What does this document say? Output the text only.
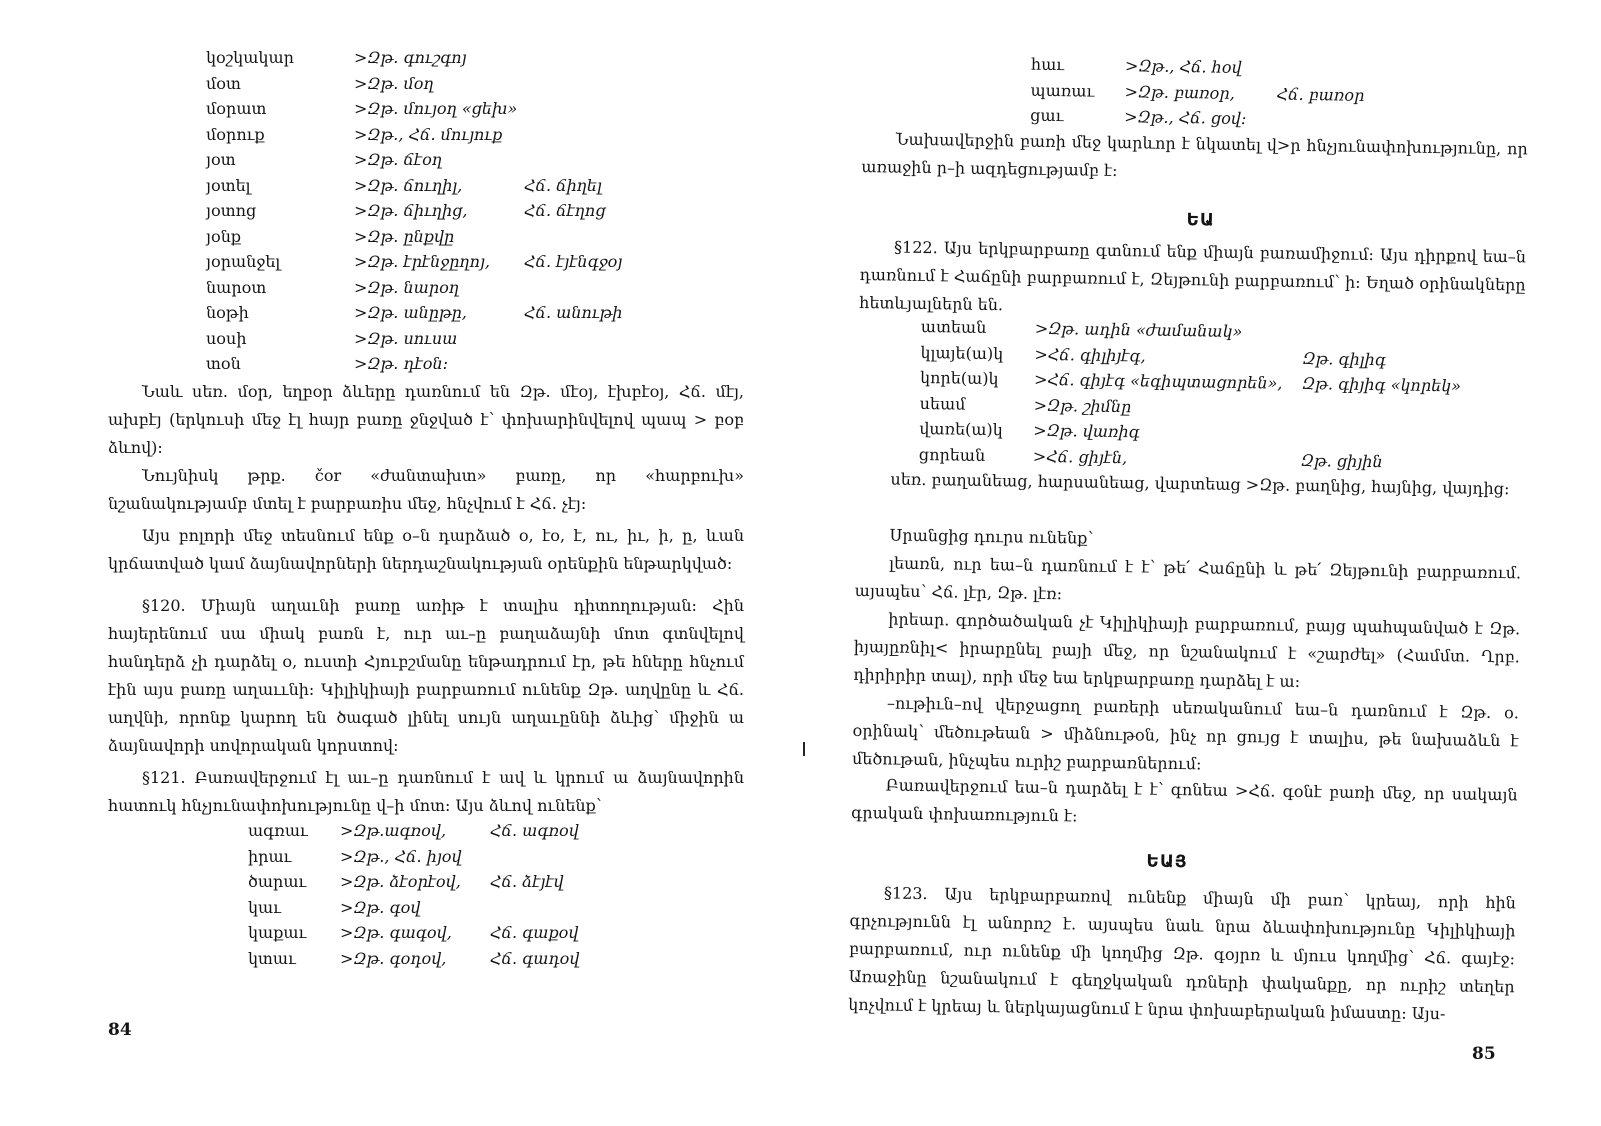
կօշկակար	>Զթ. գուշգոյ
մօտ	>Զթ. մօղ
մօրատ	>Զթ. մույօղ «ցեխ»
մօրուք	>Զթ., Հճ. մույուք
յօտ	>Զթ. ճէօղ
յօտել	>Զթ. ճուղիլ,	Հճ. ճիղել
յօտոց	>Զթ. ճիւղից,	Հճ. ճէղոց
յօնք	>Զթ. ընքվը
յօրանջել	>Զթ. էրէնջըղոյ,	Հճ. էյէնգջօյ
նարօտ	>Զթ. նարօղ
նօթի	>Զթ. անըթը,	Հճ. անութի
սօսի	>Զթ. սուսա
տօն	>Զթ. դէօն:

Նաև սեռ. մօր, եղբօր ձևերը դառնում են Զթ. մէօյ, էխբէօյ, Հճ. մէյ, ախբէյ (երկուսի մեջ էլ հայր բառը ջնջված է՝ փոխարինվելով պապ > բօբ ձևով):

Նույնիսկ թրք. čor «ժանտախտ» բառը, որ «հարբուխ» նշանակությամբ մտել է բարբառիս մեջ, հնչվում է Հճ. չէյ:

Այս բոլորի մեջ տեսնում ենք օ–ն դարձած օ, էօ, է, ու, իւ, ի, ը, ևան կրճատված կամ ձայնավորների ներդաշնակության օրենքին ենթարկված:

§120. Միայն աղաւնի բառը առիթ է տալիս դիտողության: Հին հայերենում սա միակ բառն է, ուր աւ–ը բաղաձայնի մոտ գտնվելով հանդերձ չի դարձել օ, ուստի Հյուբշմանը ենթադրում էր, թե հները հնչում էին այս բառը աղաււնի: Կիլիկիայի բարբառում ունենք Զթ. աղվընը և Հճ. աղվնի, որոնք կարող են ծագած լինել սույն աղաւըննի ձևից՝ միջին ա ձայնավորի սովորական կորստով:

§121. Բառավերջում էլ աւ–ը դառնում է ավ և կրում ա ձայնավորին հատուկ հնչյունափոխությունը վ–ի մոտ: Այս ձևով ունենք՝

ագռաւ	>Զթ.ագռօվ,	Հճ. ագռօվ
իրաւ	>Զթ., Հճ. իյօվ
ծարաւ	>Զթ. ձէօրէօվ,	Հճ. ձէյէվ
կաւ	>Զթ. գօվ
կաքաւ	>Զթ. գագօվ,	Հճ. գաքօվ
կտաւ	>Զթ. գօդօվ,	Հճ. գադօվ
84
հաւ	>Զթ., Հճ. հօվ
պառաւ	>Զթ. բառօր,	Հճ. բառօր
ցաւ	>Զթ., Հճ. ցօվ:

Նախավերջին բառի մեջ կարևոր է նկատել վ>ր հնչյունափոխությունը, որ առաջին ր–ի ազդեցությամբ է:

ԵԱ

§122. Այս երկբարբառը գտնում ենք միայն բառամիջում: Այս դիրքով եա–ն դառնում է Հաճընի բարբառում է, Զեյթունի բարբառում՝ ի: Եղած օրինակները հետևյալներն են.

ատեան	>Զթ. ադին «ժամանակ»
կլայե(ա)կ	>Հճ. գիլիյէգ,	Զթ. գիլիգ
կորե(ա)կ	>Հճ. գիյէգ «եգիպտացորեն»,	Զթ. գիյիգ «կորեկ»
սեամ	>Զթ. շիմնը
վառե(ա)կ	>Զթ. վառիգ
ցորեան	>Հճ. ցիյէն,	Զթ. ցիյին

սեռ. բաղանեաց, հարսանեաց, վարտեաց >Զթ. բաղնից, հայնից, վայդից:

Սրանցից դուրս ունենք՝

լեառն, ուր եա–ն դառնում է է՝ թե՛ Հաճընի և թե՛ Զեյթունի բարբառում. այսպես՝ Հճ. լէր, Զթ. լէռ:

իրեար. գործածական չէ Կիլիկիայի բարբառում, բայց պահպանված է Զթ. իյայըռնիլ< իրարընել բայի մեջ, որ նշանակում է «շարժել» (Համմտ. Ղրբ. դիրիրիր տալ), որի մեջ եա երկբարբառը դարձել է ա:

–ութիւն–ով վերջացող բառերի սեռականում եա–ն դառնում է Զթ. օ. օրինակ՝ մեծութեան > միձնութօն, ինչ որ ցույց է տալիս, թե նախաձևն է մեծութան, ինչպես ուրիշ բարբառներում:

Բառավերջում եա–ն դարձել է է՝ գոնեա >Հճ. գօնէ բառի մեջ, որ սակայն գրական փոխառություն է:

ԵԱՅ

§123. Այս երկբարբառով ունենք միայն մի բառ՝ կրեայ, որի հին գրչությունն էլ անորոշ է. այսպես նաև նրա ձևափոխությունը Կիլիկիայի բարբառում, ուր ունենք մի կողմից Զթ. գօյրռ և մյուս կողմից՝ Հճ. գայէջ: Առաջինը նշանակում է գեղջկական դռների փականքը, որ ուրիշ տեղեր կոչվում է կրեայ և ներկայացնում է նրա փոխաբերական իմաստը: Այս-

85
